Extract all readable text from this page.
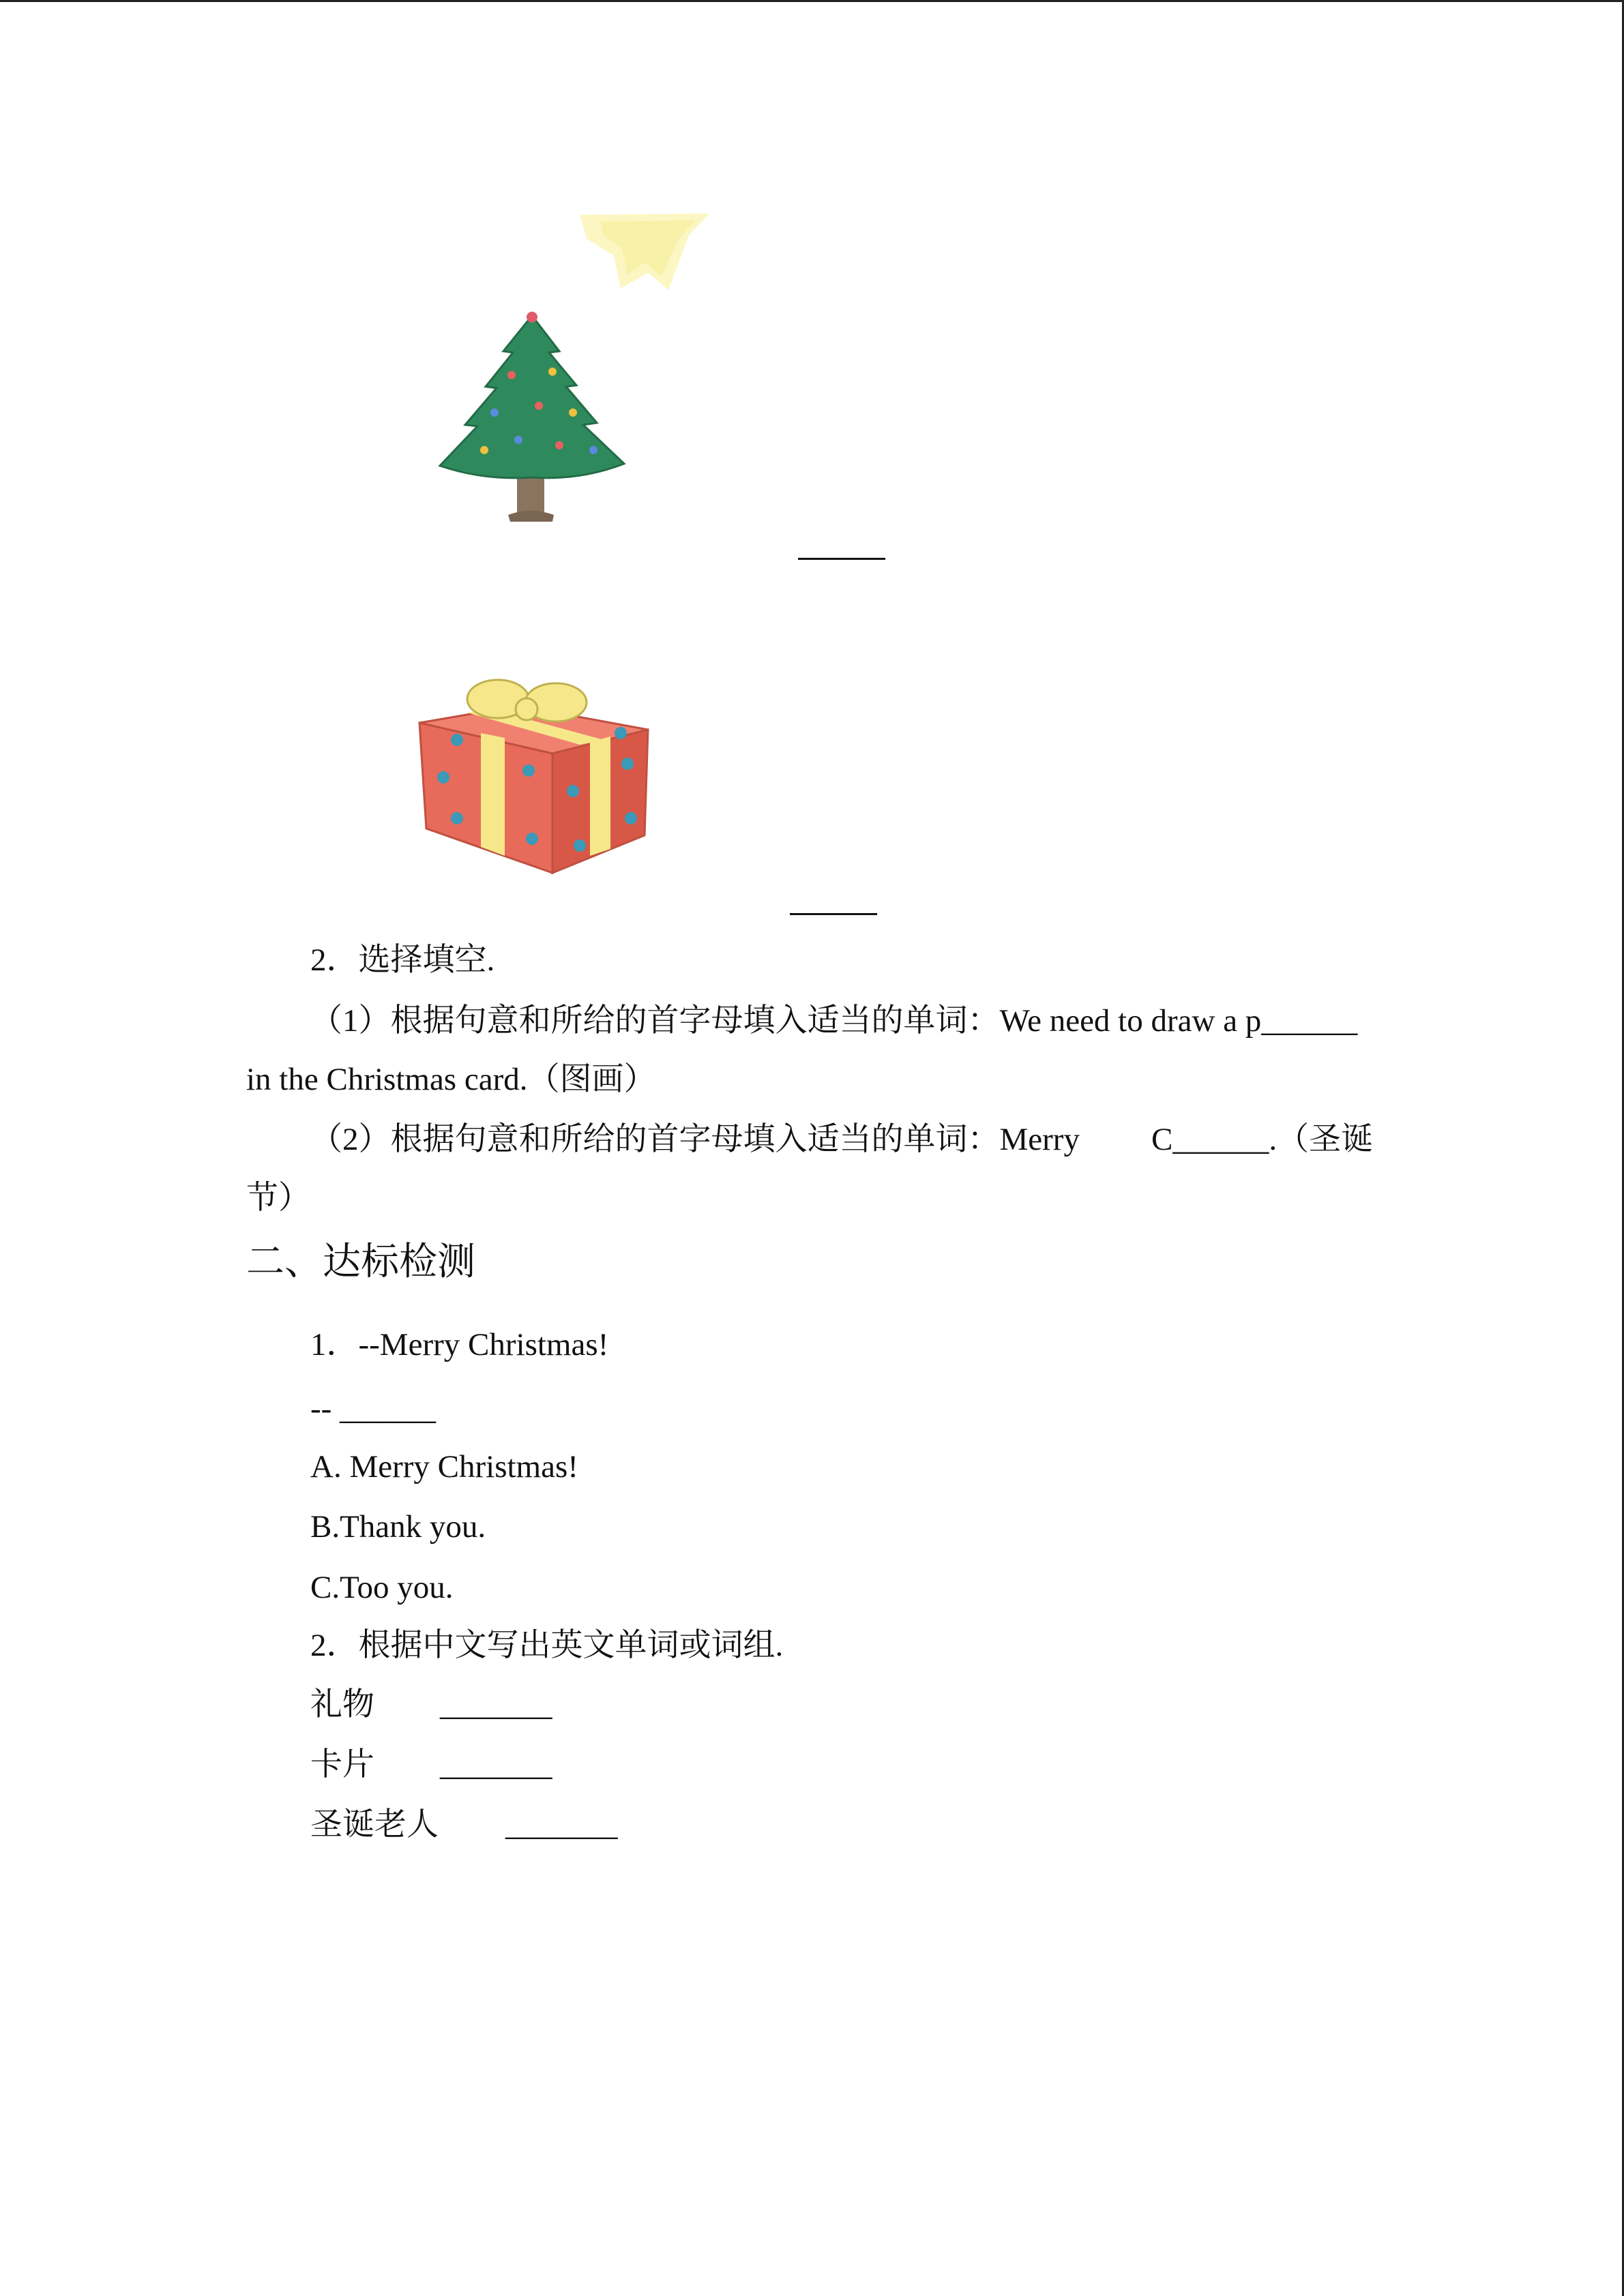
2．选择填空.
（1）根据句意和所给的首字母填入适当的单词：We need to draw a p______
in the Christmas card.（图画）
（2）根据句意和所给的首字母填入适当的单词：Merry C______.（圣诞
节）
二、达标检测
1．--Merry Christmas!
-- ______
A. Merry Christmas!
B.Thank you.
C.Too you.
2．根据中文写出英文单词或词组.
礼物 _______
卡片 _______
圣诞老人 _______
